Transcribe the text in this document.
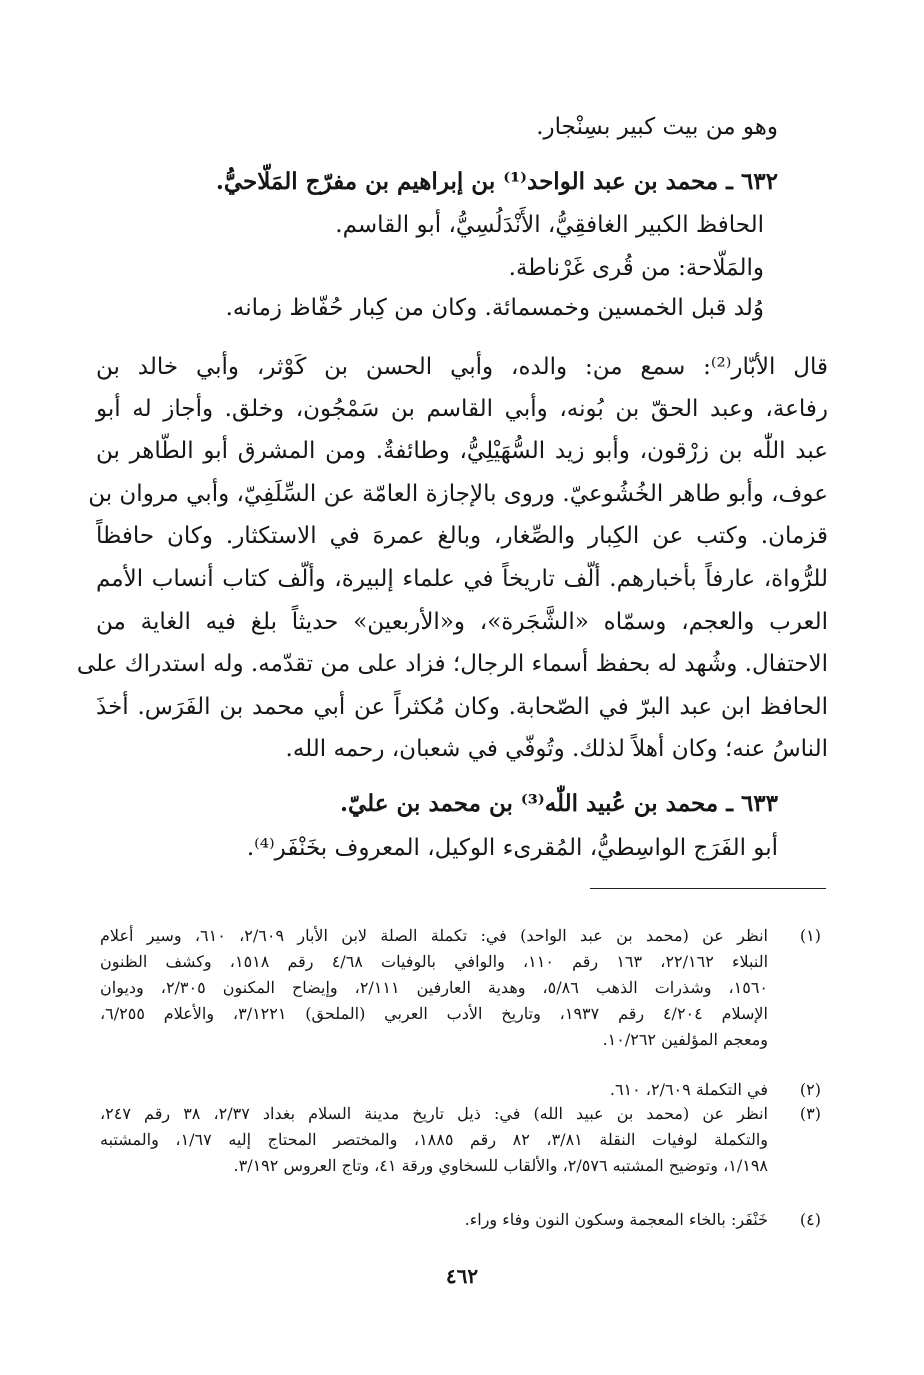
وهو من بيت كبير بسِنْجار.
٦٣٢ ـ محمد بن عبد الواحد⁽¹⁾ بن إبراهيم بن مفرّج المَلّاحيُّ.
الحافظ الكبير الغافقِيُّ، الأَنْدَلُسِيُّ، أبو القاسم.
والمَلّاحة: من قُرى غَرْناطة.
وُلد قبل الخمسين وخمسمائة. وكان من كِبار حُفّاظ زمانه.
قال الأبّار⁽²⁾: سمع من: والده، وأبي الحسن بن كَوْثر، وأبي خالد بن
رفاعة، وعبد الحقّ بن بُونه، وأبي القاسم بن سَمْجُون، وخلق. وأجاز له أبو
عبد اللّٰه بن زرْقون، وأبو زيد السُّهَيْلِيُّ، وطائفةٌ. ومن المشرق أبو الطّاهر بن
عوف، وأبو طاهر الخُشُوعيّ. وروى بالإجازة العامّة عن السِّلَفِيّ، وأبي مروان بن
قزمان. وكتب عن الكِبار والصِّغار، وبالغ عمرهَ في الاستكثار. وكان حافظاً
للرُّواة، عارفاً بأخبارهم. ألّف تاريخاً في علماء إلبيرة، وألّف كتاب أنساب الأمم
العرب والعجم، وسمّاه «الشَّجَرة»، و«الأربعين» حديثاً بلغ فيه الغاية من
الاحتفال. وشُهد له بحفظ أسماء الرجال؛ فزاد على من تقدّمه. وله استدراك على
الحافظ ابن عبد البرّ في الصّحابة. وكان مُكثراً عن أبي محمد بن الفَرَس. أخذَ
الناسُ عنه؛ وكان أهلاً لذلك. وتُوفّي في شعبان، رحمه الله.
٦٣٣ ـ محمد بن عُبيد اللّٰه⁽³⁾ بن محمد بن عليّ.
أبو الفَرَج الواسِطيُّ، المُقرىء الوكيل، المعروف بخَنْفَر⁽⁴⁾.
(١)
(٢)
(٣)
(٤)
انظر عن (محمد بن عبد الواحد) في: تكملة الصلة لابن الأبار ٢/٦٠٩، ٦١٠، وسير أعلام
النبلاء ٢٢/١٦٢، ١٦٣ رقم ١١٠، والوافي بالوفيات ٤/٦٨ رقم ١٥١٨، وكشف الظنون
١٥٦٠، وشذرات الذهب ٥/٨٦، وهدية العارفين ٢/١١١، وإيضاح المكنون ٢/٣٠٥، وديوان
الإسلام ٤/٢٠٤ رقم ١٩٣٧، وتاريخ الأدب العربي (الملحق) ٣/١٢٢١، والأعلام ٦/٢٥٥،
ومعجم المؤلفين ١٠/٢٦٢.
في التكملة ٢/٦٠٩، ٦١٠.
انظر عن (محمد بن عبيد الله) في: ذيل تاريخ مدينة السلام بغداد ٢/٣٧، ٣٨ رقم ٢٤٧،
والتكملة لوفيات النقلة ٣/٨١، ٨٢ رقم ١٨٨٥، والمختصر المحتاج إليه ١/٦٧، والمشتبه
١/١٩٨، وتوضيح المشتبه ٢/٥٧٦، والألقاب للسخاوي ورقة ٤١، وتاج العروس ٣/١٩٢.
خَنْفَر: بالخاء المعجمة وسكون النون وفاء وراء.
٤٦٢
